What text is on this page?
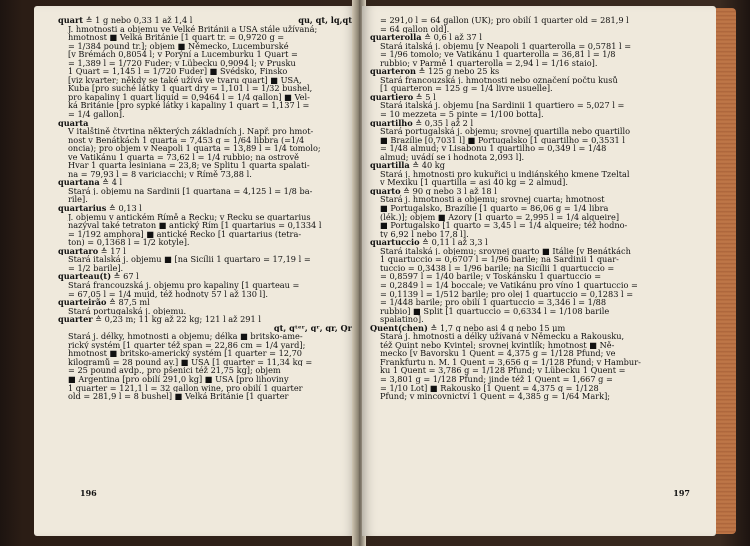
quart ≙ 1 g nebo 0,33 1 až 1,4 l	qu, qt, lq,qt
J. hmotnosti a objemu ve Velké Británii a USA stále užívaná;
hmotnost ■ Velká Británie [1 quart tr. = 0,9720 g =
= 1/384 pound tr.]; objem ■ Německo, Lucemburské
[v Brémách 0,8054 l; v Porýní a Lucemburku 1 Quart =
= 1,389 l = 1/720 Fuder; v Lübecku 0,9094 l; v Prusku
1 Quart = 1,145 l = 1/720 Fuder] ■ Švédsko, Finsko
[viz kvarter; někdy se také užívá ve tvaru quart] ■ USA,
Kuba [pro suché látky 1 quart dry = 1,101 l = 1/32 bushel,
pro kapaliny 1 quart liquid = 0,9464 l = 1/4 gallon] ■ Vel-
ká Británie [pro sypké látky i kapaliny 1 quart = 1,137 l =
= 1/4 gallon].
quarta
V italštině čtvrtina některých základních j. Např. pro hmot-
nost v Benátkách 1 quarta = 7,453 g = 1/64 libbra (=1/4
oncia); pro objem v Neapoli 1 quarta = 13,89 l = 1/4 tomolo;
ve Vatikánu 1 quarta = 73,62 l = 1/4 rubbio; na ostrově
Hvar 1 quarta lesiniana = 23,8; ve Splitu 1 quarta spalati-
na = 79,93 l = 8 variciacchi; v Římě 73,88 l.
quartana ≙ 4 l
Stará j. objemu na Sardinii [1 quartana = 4,125 l = 1/8 ba-
rile].
quartarius ≙ 0,13 l
J. objemu v antickém Římě a Řecku; v Řecku se quartarius
nazýval také tetraton ■ antický Řím [1 quartarius = 0,1334 l
= 1/192 amphora] ■ antické Řecko [1 quartarius (tetra-
ton) = 0,1368 l = 1/2 kotyle].
quartaro ≙ 17 l
Stará italská j. objemu ■ [na Sicílii 1 quartaro = 17,19 l =
= 1/2 barile].
quarteau(t) ≙ 67 l
Stará francouzská j. objemu pro kapaliny [1 quarteau =
= 67,05 l = 1/4 muid, též hodnoty 57 l až 130 l].
quarteirão ≙ 87,5 ml
Stará portugalská j. objemu.
quarter ≙ 0,23 m; 11 kg až 22 kg; 121 l až 291 l
qt, qᵗᵉʳ, qʳ, qr, Qr
Stará j. délky, hmotnosti a objemu; délka ■ britsko-ame-
rický systém [1 quarter též span = 22,86 cm = 1/4 yard];
hmotnost ■ britsko-americký systém [1 quarter = 12,70
kilogramů = 28 pound av.] ■ USA [1 quarter = 11,34 kg =
= 25 pound avdp., pro pšenici též 21,75 kg]; objem
■ Argentina [pro obilí 291,0 kg] ■ USA [pro lihoviny
1 quarter = 121,1 l = 32 gallon wine, pro obilí 1 quarter
old = 281,9 l = 8 bushel] ■ Velká Británie [1 quarter
196
= 291,0 l = 64 gallon (UK); pro obilí 1 quarter old = 281,9 l
= 64 gallon old].
quarterolla ≙ 0,6 l až 37 l
Stará italská j. objemu [v Neapoli 1 quarterolla = 0,5781 l =
= 1/96 tomolo; ve Vatikánu 1 quarterolla = 36,81 l = 1/8
rubbio; v Parmě 1 quarterolla = 2,94 l = 1/16 staio].
quarteron ≙ 125 g nebo 25 ks
Stará francouzská j. hmotnosti nebo označení počtu kusů
[1 quarteron = 125 g = 1/4 livre usuelle].
quartiero ≙ 5 l
Stará italská j. objemu [na Sardinii 1 quartiero = 5,027 l =
= 10 mezzeta = 5 pinte = 1/100 botta].
quartilho ≙ 0,35 l až 2 l
Stará portugalská j. objemu; srovnej quartilla nebo quartillo
■ Brazílie [0,7031 l] ■ Portugalsko [1 quartilho = 0,3531 l
= 1/48 almud; v Lisabonu 1 quartilho = 0,349 l = 1/48
almud; uvádí se i hodnota 2,093 l].
quartilla ≙ 40 kg
Stará j. hmotnosti pro kukuřici u indiánského kmene Tzeltal
v Mexiku [1 quartilla = asi 40 kg = 2 almud].
quarto ≙ 90 g nebo 3 l až 18 l
Stará j. hmotnosti a objemu; srovnej cuarta; hmotnost
■ Portugalsko, Brazílie [1 quarto = 86,06 g = 1/4 libra
(lék.)]; objem ■ Azory [1 quarto = 2,995 l = 1/4 alqueire]
■ Portugalsko [1 quarto = 3,45 l = 1/4 alqueire; též hodno-
ty 6,92 l nebo 17,8 l].
quartuccio ≙ 0,11 l až 3,3 l
Stará italská j. objemu; srovnej quarto ■ Itálie [v Benátkách
1 quartuccio = 0,6707 l = 1/96 barile; na Sardinii 1 quar-
tuccio = 0,3438 l = 1/96 barile; na Sicílii 1 quartuccio =
= 0,8597 l = 1/40 barile; v Toskánsku 1 quartuccio =
= 0,2849 l = 1/4 boccale; ve Vatikánu pro víno 1 quartuccio =
= 0,1139 l = 1/512 barile; pro olej 1 quartuccio = 0,1283 l =
= 1/448 barile; pro obilí 1 quartuccio = 3,346 l = 1/88
rubbio] ■ Split [1 quartuccio = 0,6334 l = 1/108 barile
spalatino].
Quent(chen) ≙ 1,7 g nebo asi 4 g nebo 15 µm
Stará j. hmotnosti a délky užívaná v Německu a Rakousku,
též Quint nebo Kvintel; srovnej kvintlík; hmotnost ■ Ně-
mecko [v Bavorsku 1 Quent = 4,375 g = 1/128 Pfund; ve
Frankfurtu n. M. 1 Quent = 3,656 g = 1/128 Pfund; v Hambur-
ku 1 Quent = 3,786 g = 1/128 Pfund; v Lübecku 1 Quent =
= 3,801 g = 1/128 Pfund; jinde též 1 Quent = 1,667 g =
= 1/10 Lot] ■ Rakousko [1 Quent = 4,375 g = 1/128
Pfund; v mincovnictví 1 Quent = 4,385 g = 1/64 Mark];
197
